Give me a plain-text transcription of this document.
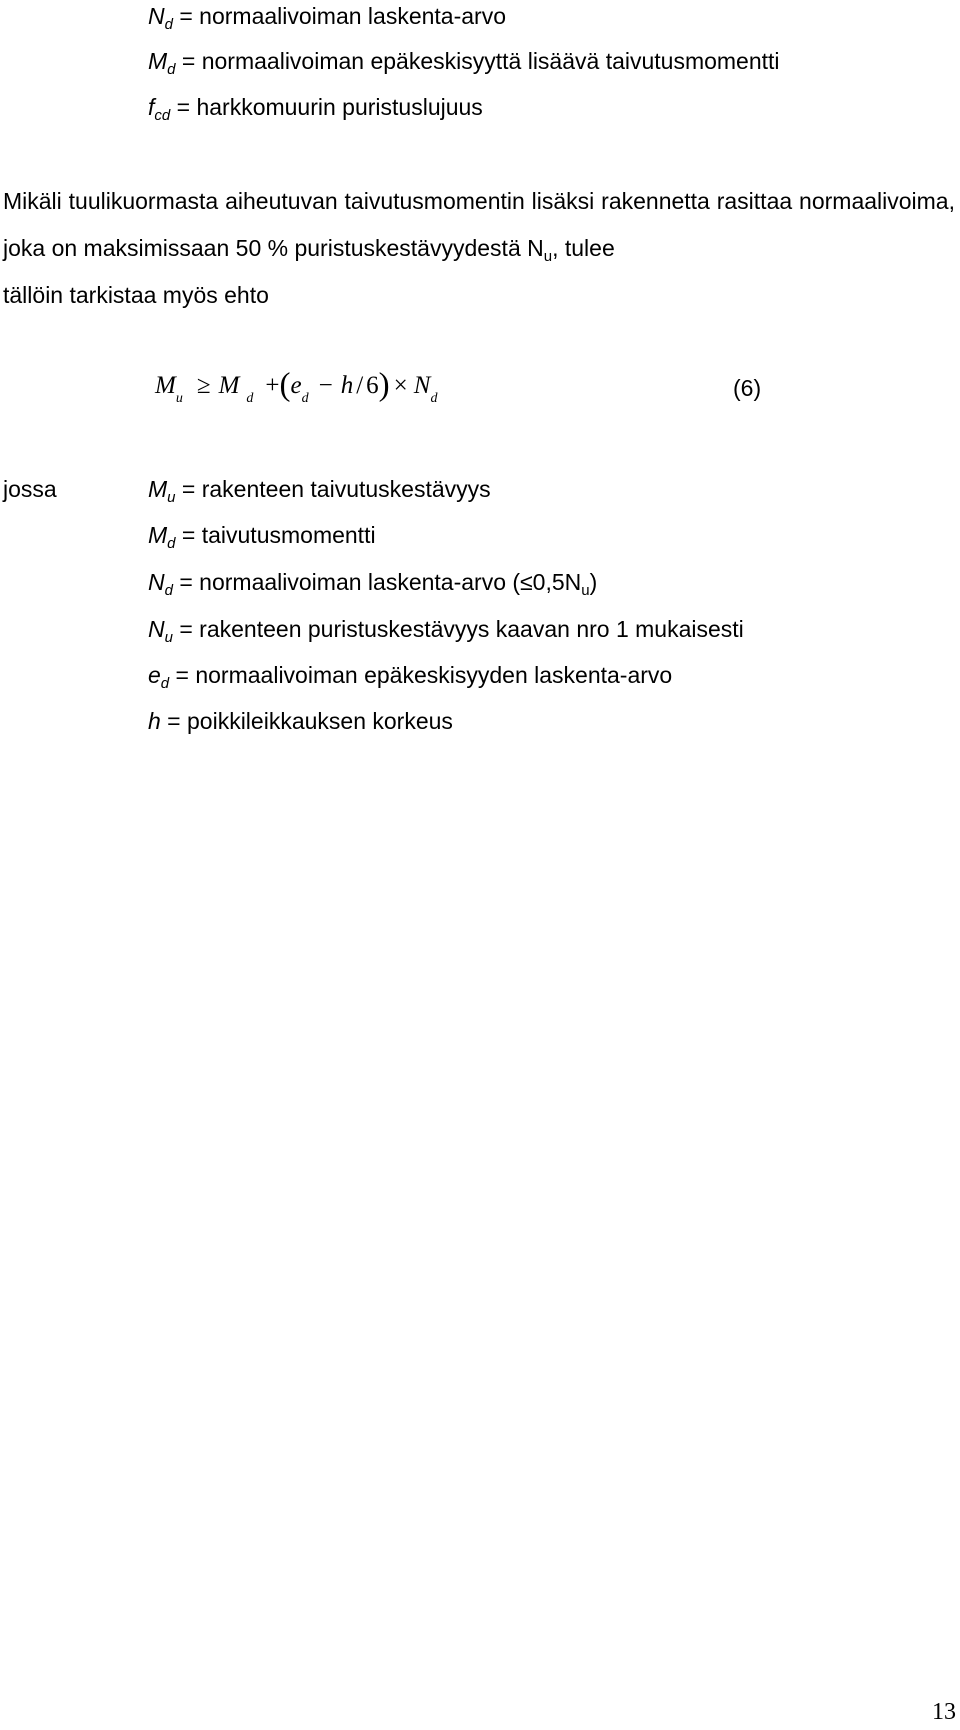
$N_d$ = normaalivoiman laskenta-arvo

$M_d$ = normaalivoiman epäkeskisyyttä lisäävä taivutusmomentti

$f_{cd}$ = harkkomuurin puristuslujuus

Mikäli tuulikuormasta aiheutuvan taivutusmomentin lisäksi rakennetta rasittaa normaalivoima, joka on maksimissaan 50 % puristuskestävyydestä $N_u$, tulee

tällöin tarkistaa myös ehto

$M_u \ge M$ $_d +(e_d - h / 6) \times N_d$	(6)

jossa	$M_u$ = rakenteen taivutuskestävyys

$M_d$ = taivutusmomentti

$N_d$ = normaalivoiman laskenta-arvo $(\le 0,5N_u)$

$N_u$ = rakenteen puristuskestävyys kaavan nro 1 mukaisesti

$e_d$ = normaalivoiman epäkeskisyyden laskenta-arvo

h = poikkileikkauksen korkeus

13
